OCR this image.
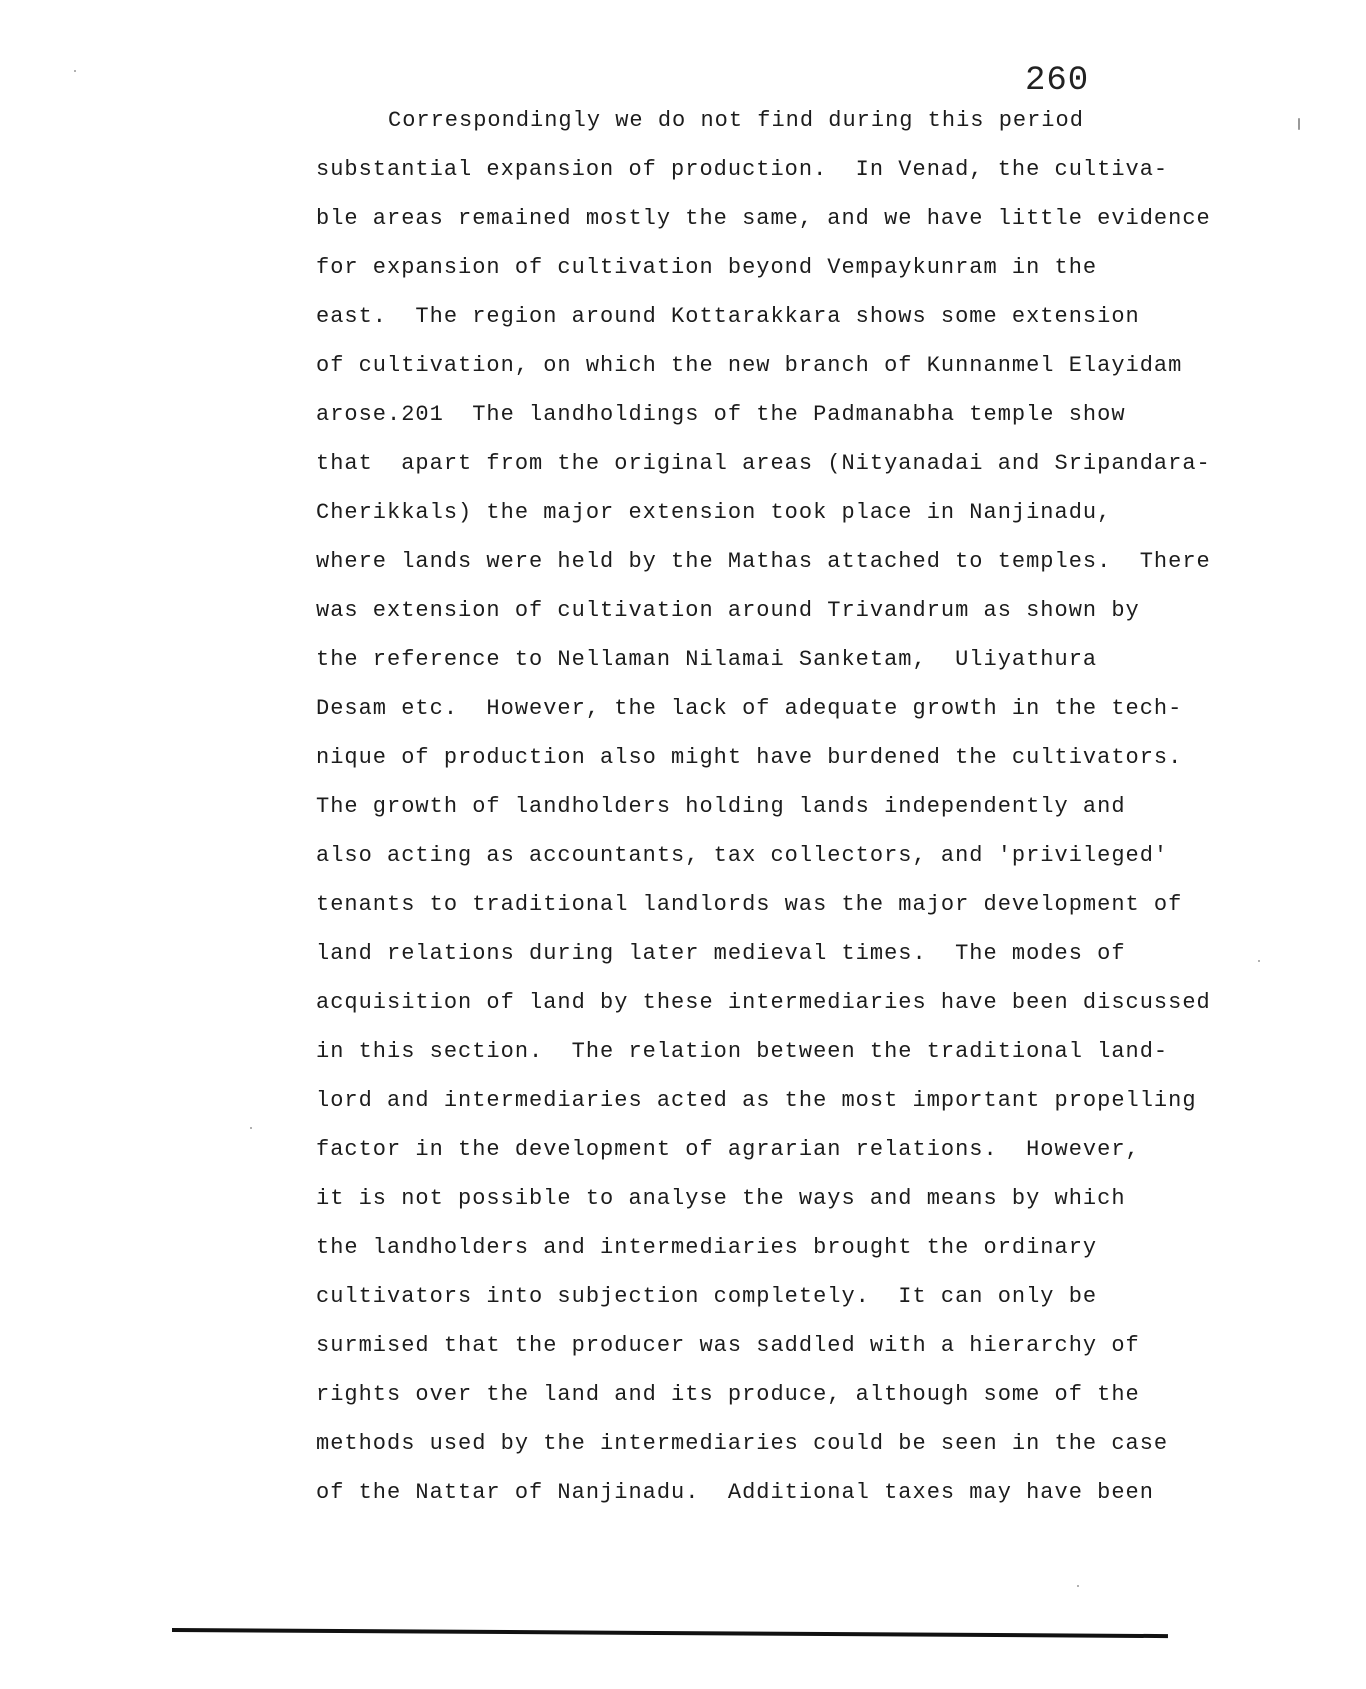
260
Correspondingly we do not find during this period
substantial expansion of production.  In Venad, the cultiva-
ble areas remained mostly the same, and we have little evidence
for expansion of cultivation beyond Vempaykunram in the
east.  The region around Kottarakkara shows some extension
of cultivation, on which the new branch of Kunnanmel Elayidam
arose.201  The landholdings of the Padmanabha temple show
that  apart from the original areas (Nityanadai and Sripandara-
Cherikkals) the major extension took place in Nanjinadu,
where lands were held by the Mathas attached to temples.  There
was extension of cultivation around Trivandrum as shown by
the reference to Nellaman Nilamai Sanketam,  Uliyathura
Desam etc.  However, the lack of adequate growth in the tech-
nique of production also might have burdened the cultivators.
The growth of landholders holding lands independently and
also acting as accountants, tax collectors, and 'privileged'
tenants to traditional landlords was the major development of
land relations during later medieval times.  The modes of
acquisition of land by these intermediaries have been discussed
in this section.  The relation between the traditional land-
lord and intermediaries acted as the most important propelling
factor in the development of agrarian relations.  However,
it is not possible to analyse the ways and means by which
the landholders and intermediaries brought the ordinary
cultivators into subjection completely.  It can only be
surmised that the producer was saddled with a hierarchy of
rights over the land and its produce, although some of the
methods used by the intermediaries could be seen in the case
of the Nattar of Nanjinadu.  Additional taxes may have been
